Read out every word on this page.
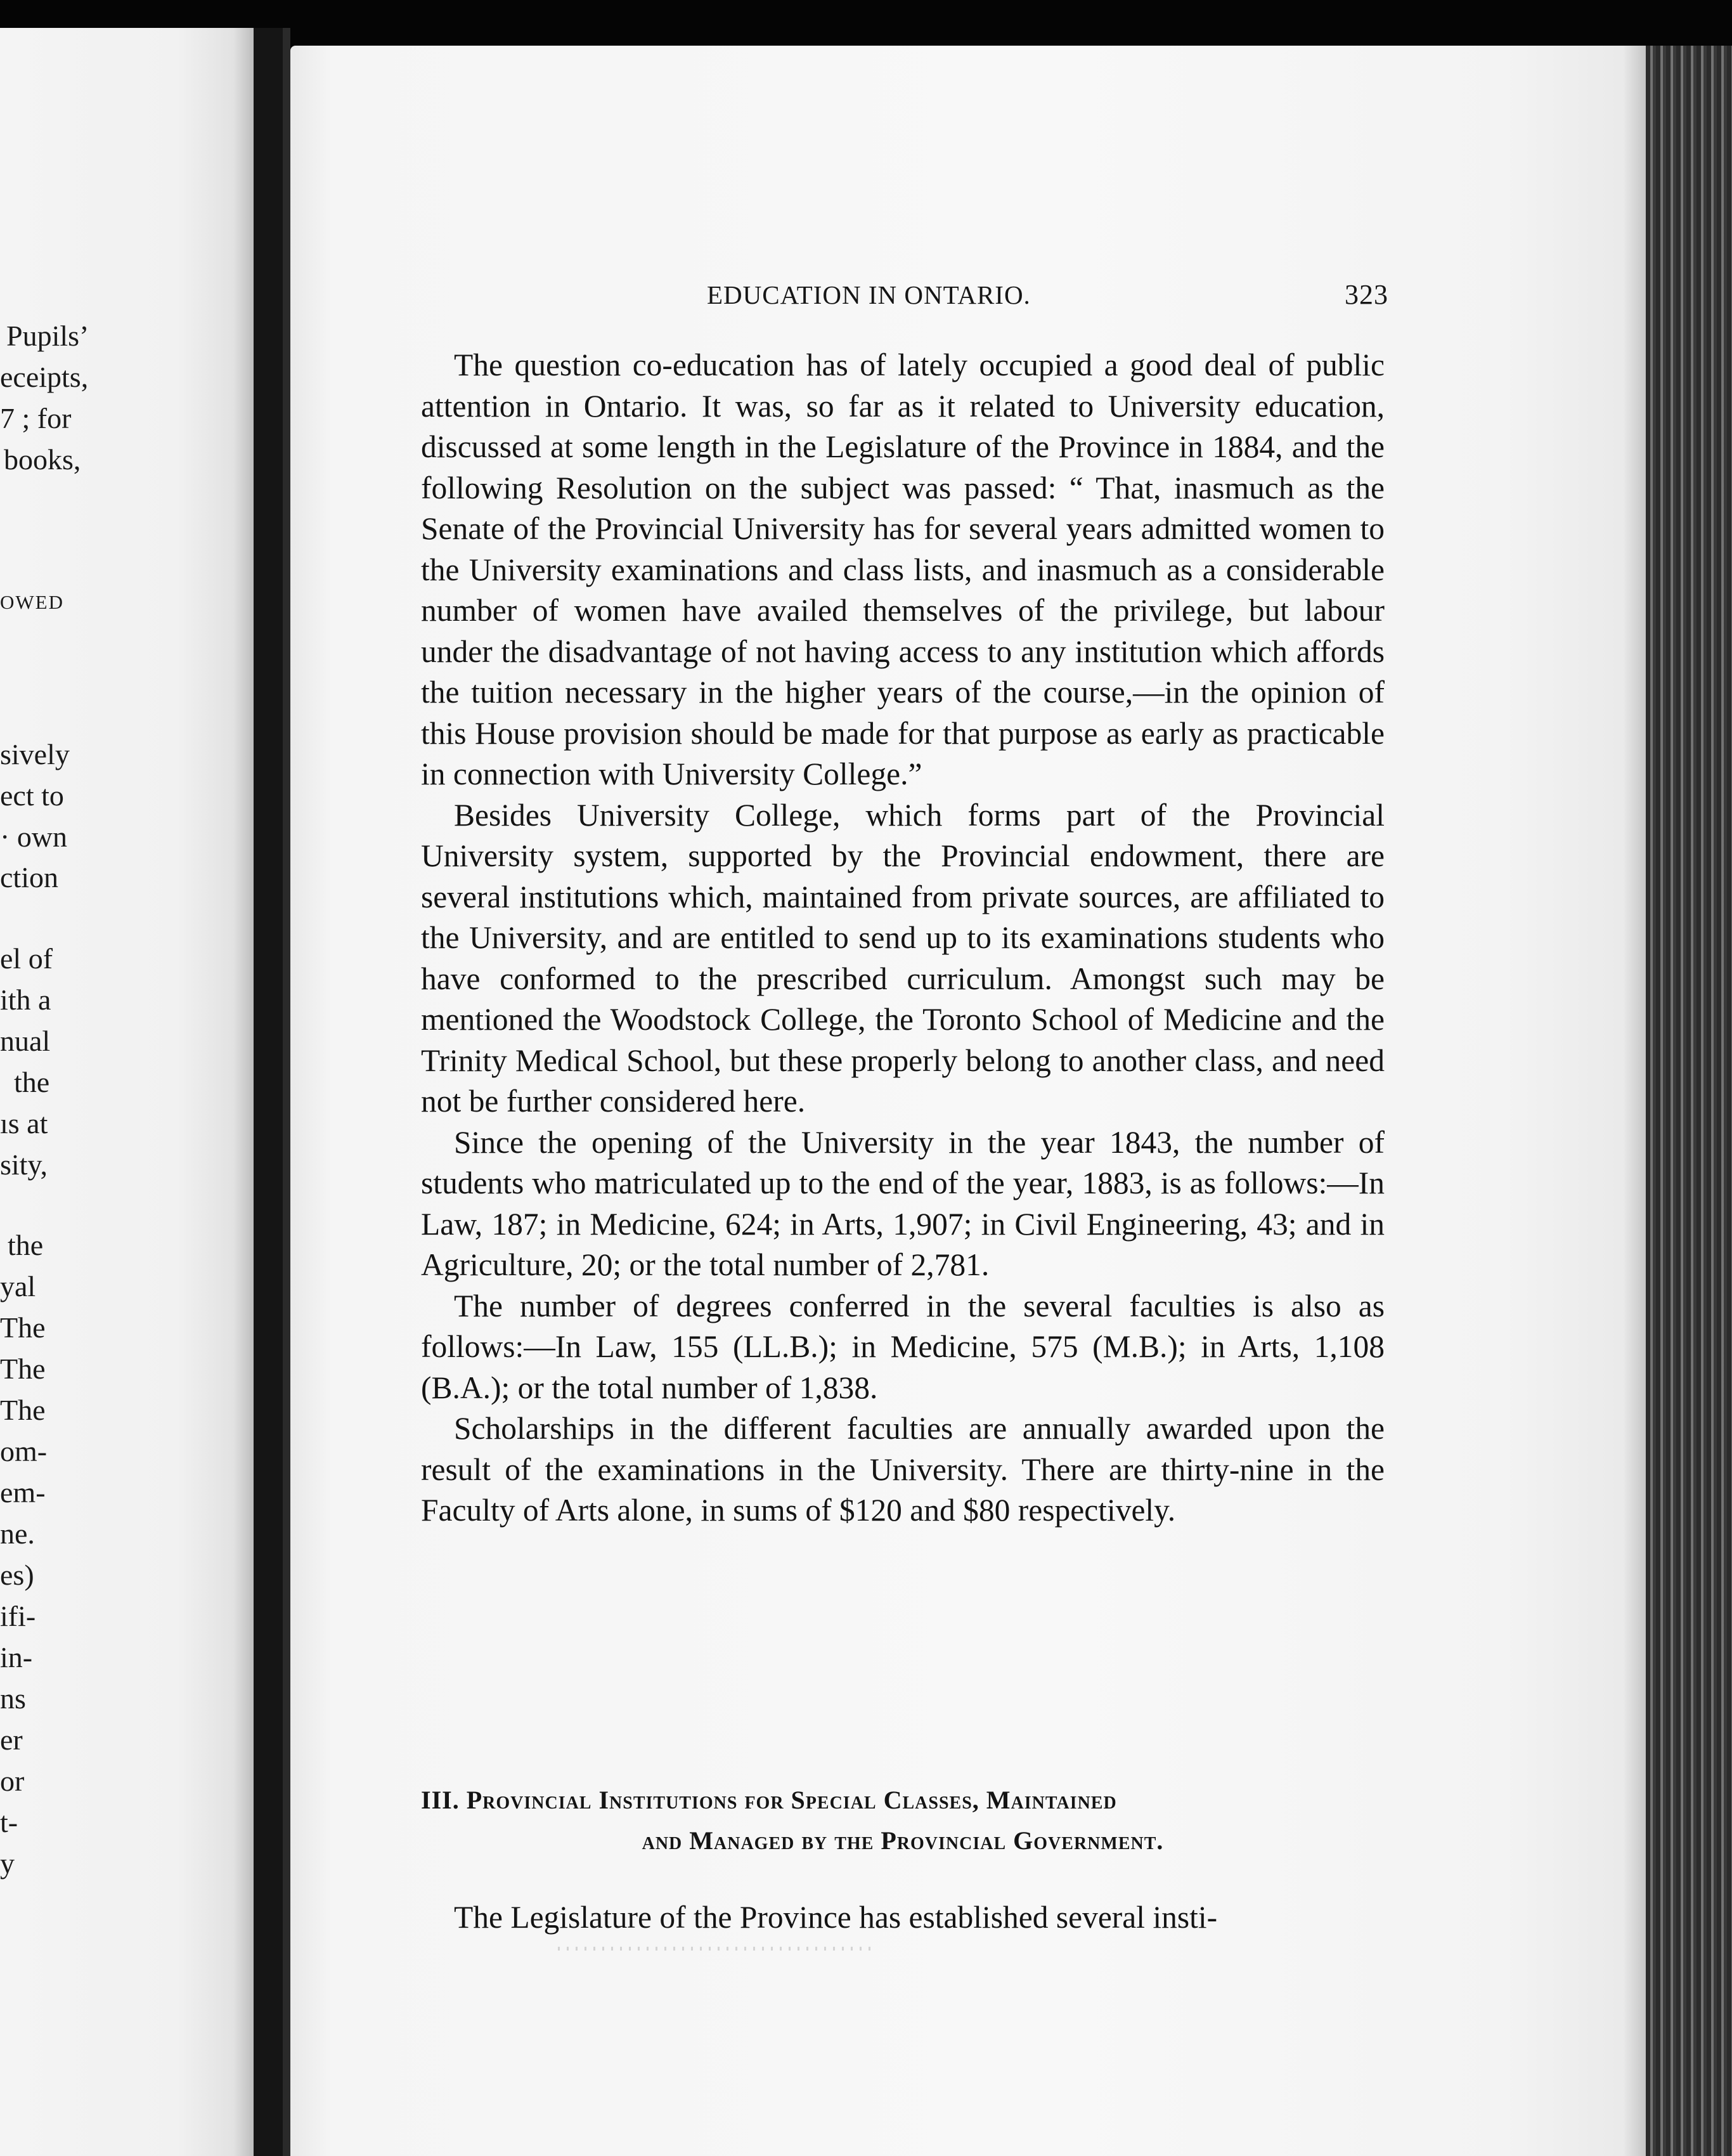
Pupils’
eceipts,
7 ; for
books,
OWED
sively
ect to
· own
ction
el of
ith a
nual
the
ıs at
sity,
the
yal
The
The
The
om-
em-
ne.
es)
ifi-
in-
ns
er
or
t-
y
EDUCATION IN ONTARIO.	323

The question co-education has of lately occupied a good deal of public attention in Ontario. It was, so far as it related to University education, discussed at some length in the Legislature of the Province in 1884, and the following Resolution on the subject was passed: “ That, inasmuch as the Senate of the Provincial University has for several years admitted women to the University examinations and class lists, and inasmuch as a considerable number of women have availed themselves of the privilege, but labour under the disadvantage of not having access to any institution which affords the tuition necessary in the higher years of the course,—in the opinion of this House provision should be made for that purpose as early as practicable in connection with University College.”

Besides University College, which forms part of the Provincial University system, supported by the Provincial endowment, there are several institutions which, maintained from private sources, are affiliated to the University, and are entitled to send up to its examinations students who have conformed to the prescribed curriculum. Amongst such may be mentioned the Woodstock College, the Toronto School of Medicine and the Trinity Medical School, but these properly belong to another class, and need not be further considered here.

Since the opening of the University in the year 1843, the number of students who matriculated up to the end of the year, 1883, is as follows:—In Law, 187; in Medicine, 624; in Arts, 1,907; in Civil Engineering, 43; and in Agriculture, 20; or the total number of 2,781.

The number of degrees conferred in the several faculties is also as follows:—In Law, 155 (LL.B.); in Medicine, 575 (M.B.); in Arts, 1,108 (B.A.); or the total number of 1,838.

Scholarships in the different faculties are annually awarded upon the result of the examinations in the University. There are thirty-nine in the Faculty of Arts alone, in sums of $120 and $80 respectively.

III. Provincial Institutions for Special Classes, Maintained
and Managed by the Provincial Government.
The Legislature of the Province has established several insti-
